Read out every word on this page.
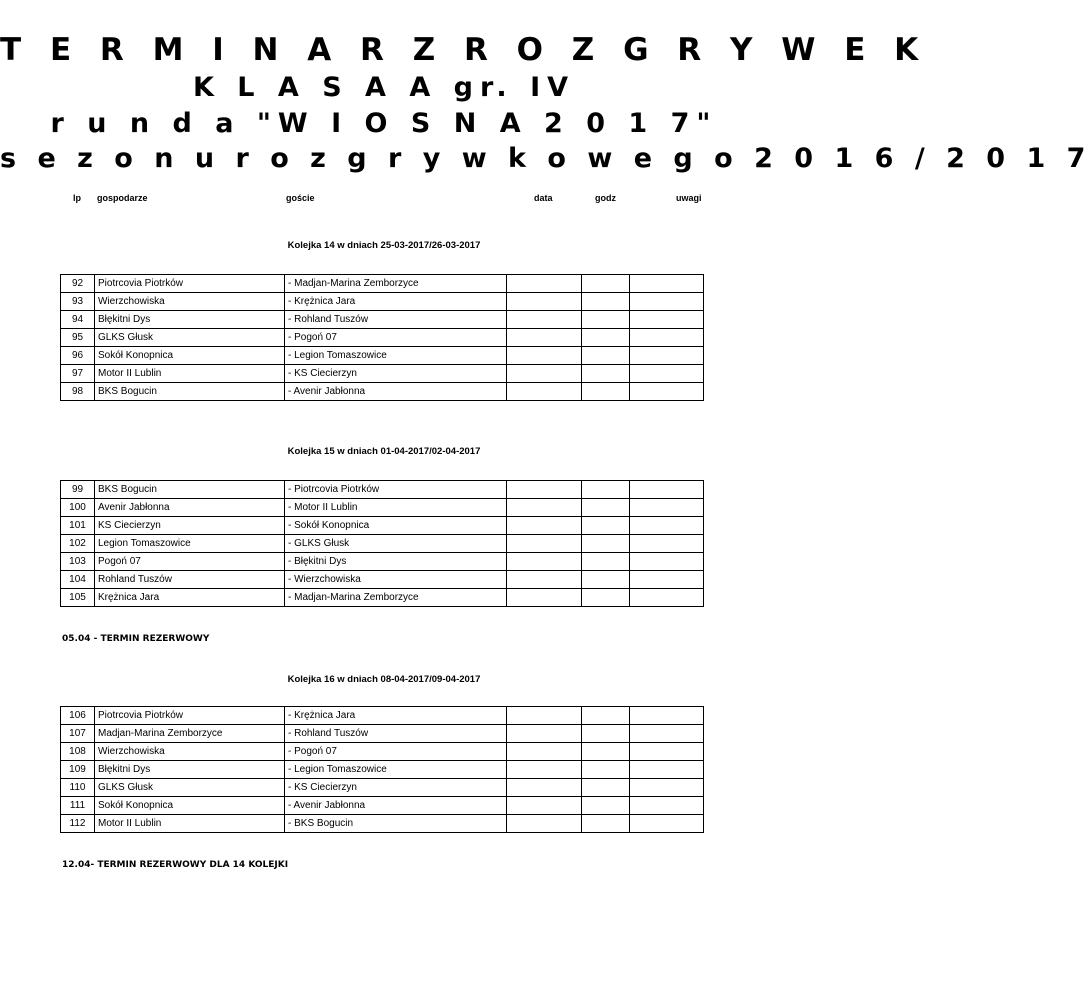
T E R M I N A R Z R O Z G R Y W E K
K L A S A A gr. IV
r u n d a "W I O S N A 2 0 1 7"
s e z o n u r o z g r y w k o w e g o 2 0 1 6 / 2 0 1 7
lp gospodarze	goście	data	godz	uwagi
Kolejka 14 w dniach 25-03-2017/26-03-2017
92	Piotrcovia Piotrków	- Madjan-Marina Zemborzyce			
93	Wierzchowiska	- Krężnica Jara			
94	Błękitni Dys	- Rohland Tuszów			
95	GLKS Głusk	- Pogoń 07			
96	Sokół Konopnica	- Legion Tomaszowice			
97	Motor II Lublin	- KS Ciecierzyn			
98	BKS Bogucin	- Avenir Jabłonna			
Kolejka 15 w dniach 01-04-2017/02-04-2017
99	BKS Bogucin	- Piotrcovia Piotrków			
100	Avenir Jabłonna	- Motor II Lublin			
101	KS Ciecierzyn	- Sokół Konopnica			
102	Legion Tomaszowice	- GLKS Głusk			
103	Pogoń 07	- Błękitni Dys			
104	Rohland Tuszów	- Wierzchowiska			
105	Krężnica Jara	- Madjan-Marina Zemborzyce			
05.04 - TERMIN REZERWOWY
Kolejka 16 w dniach 08-04-2017/09-04-2017
106	Piotrcovia Piotrków	- Krężnica Jara			
107	Madjan-Marina Zemborzyce	- Rohland Tuszów			
108	Wierzchowiska	- Pogoń 07			
109	Błękitni Dys	- Legion Tomaszowice			
110	GLKS Głusk	- KS Ciecierzyn			
111	Sokół Konopnica	- Avenir Jabłonna			
112	Motor II Lublin	- BKS Bogucin			
12.04- TERMIN REZERWOWY DLA 14 KOLEJKI
